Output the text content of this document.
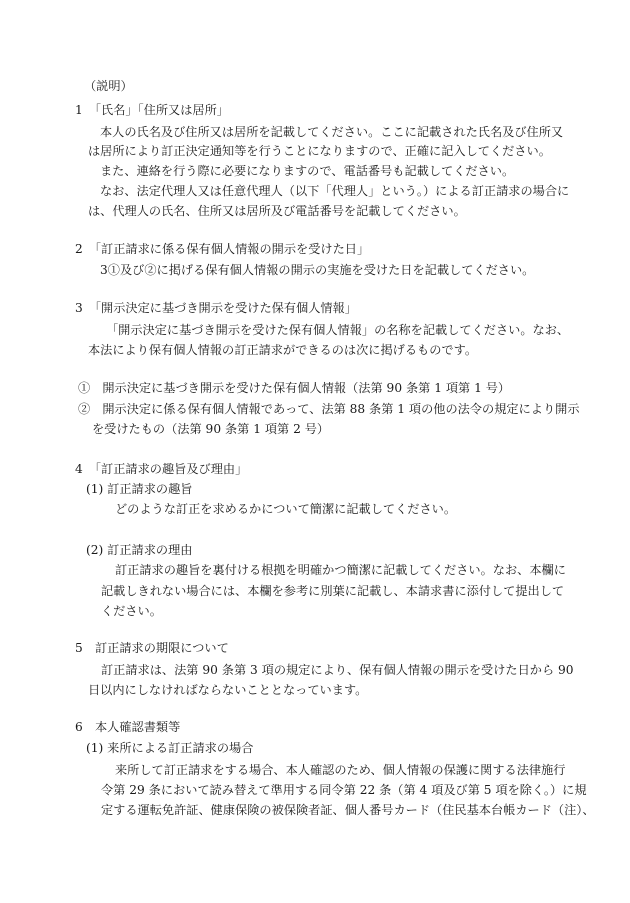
（説明）
1　「氏名」「住所又は居所」
本人の氏名及び住所又は居所を記載してください。ここに記載された氏名及び住所又
は居所により訂正決定通知等を行うことになりますので、正確に記入してください。
また、連絡を行う際に必要になりますので、電話番号も記載してください。
なお、法定代理人又は任意代理人（以下「代理人」という。）による訂正請求の場合に
は、代理人の氏名、住所又は居所及び電話番号を記載してください。
2　「訂正請求に係る保有個人情報の開示を受けた日」
3①及び②に掲げる保有個人情報の開示の実施を受けた日を記載してください。
3　「開示決定に基づき開示を受けた保有個人情報」
「開示決定に基づき開示を受けた保有個人情報」の名称を記載してください。なお、
本法により保有個人情報の訂正請求ができるのは次に掲げるものです。
①　開示決定に基づき開示を受けた保有個人情報（法第 90 条第 1 項第 1 号）
②　開示決定に係る保有個人情報であって、法第 88 条第 1 項の他の法令の規定により開示
を受けたもの（法第 90 条第 1 項第 2 号）
4　「訂正請求の趣旨及び理由」
(1) 訂正請求の趣旨
どのような訂正を求めるかについて簡潔に記載してください。
(2) 訂正請求の理由
訂正請求の趣旨を裏付ける根拠を明確かつ簡潔に記載してください。なお、本欄に
記載しきれない場合には、本欄を参考に別葉に記載し、本請求書に添付して提出して
ください。
5　訂正請求の期限について
訂正請求は、法第 90 条第 3 項の規定により、保有個人情報の開示を受けた日から 90
日以内にしなければならないこととなっています。
6　本人確認書類等
(1) 来所による訂正請求の場合
来所して訂正請求をする場合、本人確認のため、個人情報の保護に関する法律施行
令第 29 条において読み替えて準用する同令第 22 条（第 4 項及び第 5 項を除く。）に規
定する運転免許証、健康保険の被保険者証、個人番号カード（住民基本台帳カード（注）、
